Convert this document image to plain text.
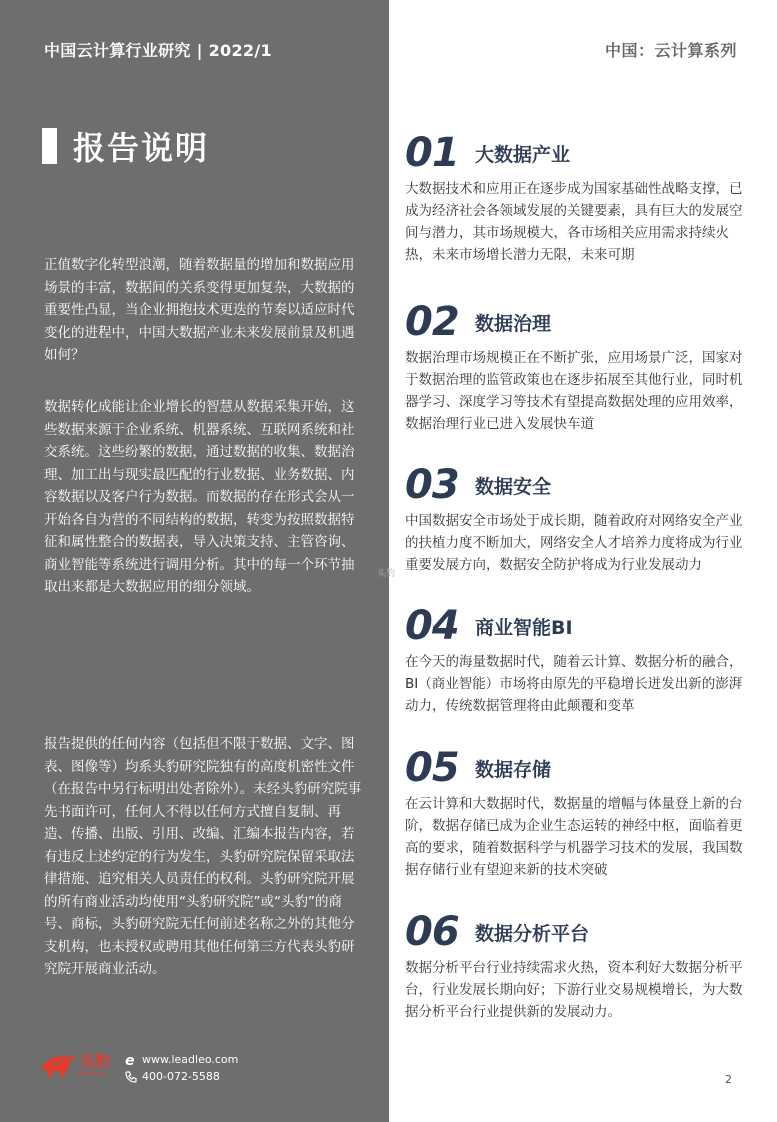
中国云计算行业研究 | 2022/1	中国：云计算系列
报告说明

正值数字化转型浪潮，随着数据量的增加和数据应用场景的丰富，数据间的关系变得更加复杂，大数据的重要性凸显，当企业拥抱技术更迭的节奏以适应时代变化的进程中，中国大数据产业未来发展前景及机遇如何？

数据转化成能让企业增长的智慧从数据采集开始，这些数据来源于企业系统、机器系统、互联网系统和社交系统。这些纷繁的数据，通过数据的收集、数据治理、加工出与现实最匹配的行业数据、业务数据、内容数据以及客户行为数据。而数据的存在形式会从一开始各自为营的不同结构的数据，转变为按照数据特征和属性整合的数据表，导入决策支持、主管咨询、商业智能等系统进行调用分析。其中的每一个环节抽取出来都是大数据应用的细分领域。

报告提供的任何内容（包括但不限于数据、文字、图表、图像等）均系头豹研究院独有的高度机密性文件（在报告中另行标明出处者除外）。未经头豹研究院事先书面许可，任何人不得以任何方式擅自复制、再造、传播、出版、引用、改编、汇编本报告内容，若有违反上述约定的行为发生，头豹研究院保留采取法律措施、追究相关人员责任的权利。头豹研究院开展的所有商业活动均使用“头豹研究院”或“头豹”的商号、商标，头豹研究院无任何前述名称之外的其他分支机构，也未授权或聘用其他任何第三方代表头豹研究院开展商业活动。

头豹
LeadLeo
e www.leadleo.com
400-072-5588
头豹
01 大数据产业

大数据技术和应用正在逐步成为国家基础性战略支撑，已成为经济社会各领域发展的关键要素，具有巨大的发展空间与潜力，其市场规模大，各市场相关应用需求持续火热，未来市场增长潜力无限，未来可期

02 数据治理

数据治理市场规模正在不断扩张，应用场景广泛，国家对于数据治理的监管政策也在逐步拓展至其他行业，同时机器学习、深度学习等技术有望提高数据处理的应用效率，数据治理行业已进入发展快车道

03 数据安全

中国数据安全市场处于成长期，随着政府对网络安全产业的扶植力度不断加大，网络安全人才培养力度将成为行业重要发展方向，数据安全防护将成为行业发展动力

04 商业智能BI

在今天的海量数据时代，随着云计算、数据分析的融合，BI（商业智能）市场将由原先的平稳增长迸发出新的澎湃动力，传统数据管理将由此颠覆和变革

05 数据存储

在云计算和大数据时代，数据量的增幅与体量登上新的台阶，数据存储已成为企业生态运转的神经中枢，面临着更高的要求，随着数据科学与机器学习技术的发展，我国数据存储行业有望迎来新的技术突破

06 数据分析平台

数据分析平台行业持续需求火热，资本利好大数据分析平台，行业发展长期向好；下游行业交易规模增长，为大数据分析平台行业提供新的发展动力。

2
